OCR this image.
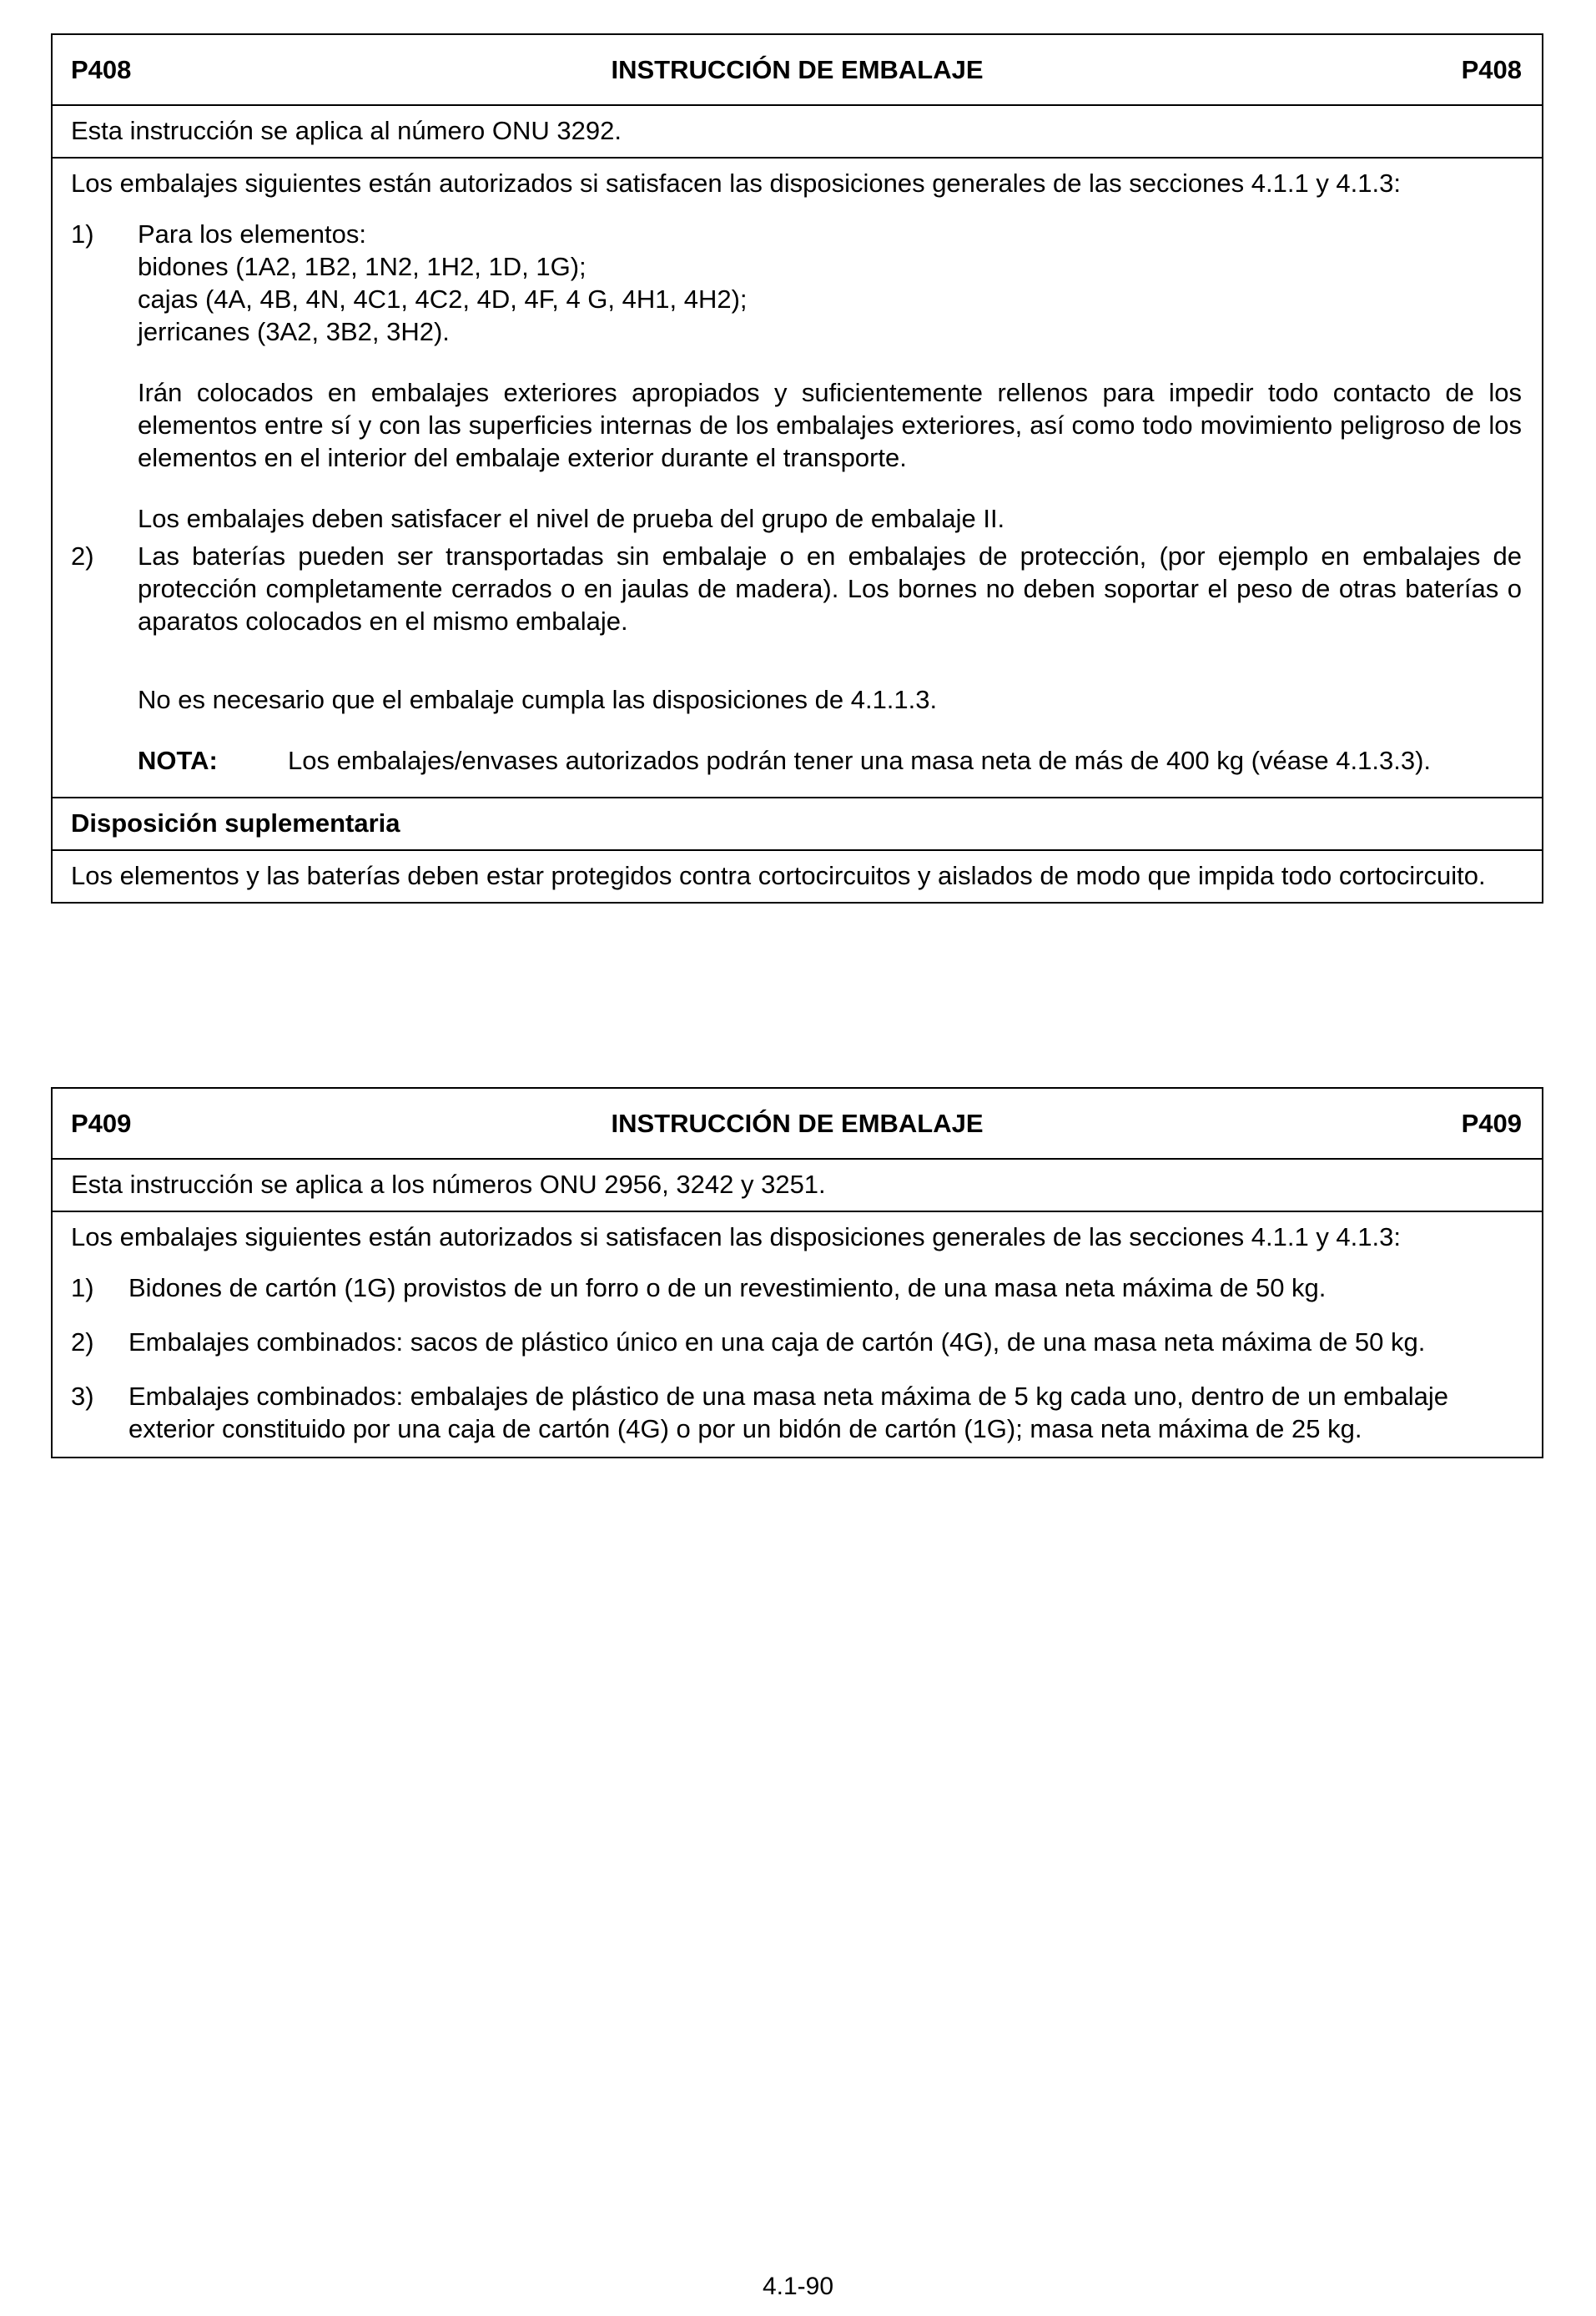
P408	INSTRUCCIÓN DE EMBALAJE	P408
Esta instrucción se aplica al número ONU 3292.
Los embalajes siguientes están autorizados si satisfacen las disposiciones generales de las secciones 4.1.1 y 4.1.3:
1)	Para los elementos:
bidones (1A2, 1B2, 1N2, 1H2, 1D, 1G);
cajas (4A, 4B, 4N, 4C1, 4C2, 4D, 4F, 4 G, 4H1, 4H2);
jerricanes (3A2, 3B2, 3H2).
Irán colocados en embalajes exteriores apropiados y suficientemente rellenos para impedir todo contacto de los elementos entre sí y con las superficies internas de los embalajes exteriores, así como todo movimiento peligroso de los elementos en el interior del embalaje exterior durante el transporte.
Los embalajes deben satisfacer el nivel de prueba del grupo de embalaje II.
2)	Las baterías pueden ser transportadas sin embalaje o en embalajes de protección, (por ejemplo en embalajes de protección completamente cerrados o en jaulas de madera). Los bornes no deben soportar el peso de otras baterías o aparatos colocados en el mismo embalaje.
No es necesario que el embalaje cumpla las disposiciones de 4.1.1.3.
NOTA:	Los embalajes/envases autorizados podrán tener una masa neta de más de 400 kg (véase 4.1.3.3).
Disposición suplementaria
Los elementos y las baterías deben estar protegidos contra cortocircuitos y aislados de modo que impida todo cortocircuito.
P409	INSTRUCCIÓN DE EMBALAJE	P409
Esta instrucción se aplica a los números ONU 2956, 3242 y 3251.
Los embalajes siguientes están autorizados si satisfacen las disposiciones generales de las secciones 4.1.1 y 4.1.3:
1)	Bidones de cartón (1G) provistos de un forro o de un revestimiento, de una masa neta máxima de 50 kg.
2)	Embalajes combinados: sacos de plástico único en una caja de cartón (4G), de una masa neta máxima de 50 kg.
3)	Embalajes combinados: embalajes de plástico de una masa neta máxima de 5 kg cada uno, dentro de un embalaje exterior constituido por una caja de cartón (4G) o por un bidón de cartón (1G); masa neta máxima de 25 kg.
4.1-90
